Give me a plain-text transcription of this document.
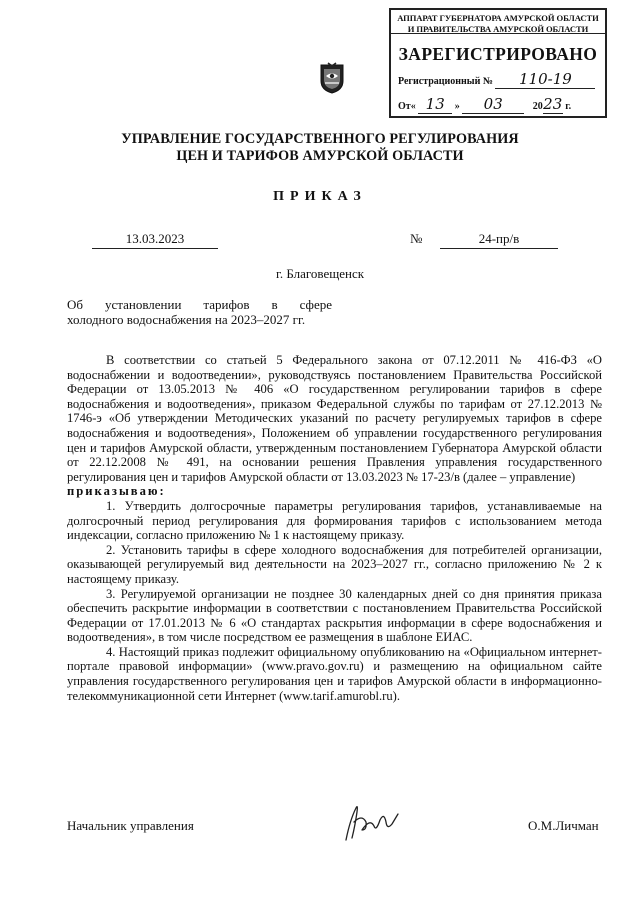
АППАРАТ ГУБЕРНАТОРА АМУРСКОЙ ОБЛАСТИ
И ПРАВИТЕЛЬСТВА АМУРСКОЙ ОБЛАСТИ
ЗАРЕГИСТРИРОВАНО
Регистрационный № 110-19
От« 13 » 03	2023 г.
УПРАВЛЕНИЕ ГОСУДАРСТВЕННОГО РЕГУЛИРОВАНИЯ
ЦЕН И ТАРИФОВ АМУРСКОЙ ОБЛАСТИ
ПРИКАЗ
13.03.2023	№	24-пр/в
г. Благовещенск
Об установлении тарифов в сфере
холодного водоснабжения на 2023–2027 гг.

В соответствии со статьей 5 Федерального закона от 07.12.2011 № 416-ФЗ «О водоснабжении и водоотведении», руководствуясь постановлением Правительства Российской Федерации от 13.05.2013 № 406 «О государственном регулировании тарифов в сфере водоснабжения и водоотведения», приказом Федеральной службы по тарифам от 27.12.2013 № 1746-э «Об утверждении Методических указаний по расчету регулируемых тарифов в сфере водоснабжения и водоотведения», Положением об управлении государственного регулирования цен и тарифов Амурской области, утвержденным постановлением Губернатора Амурской области от 22.12.2008 № 491, на основании решения Правления управления государственного регулирования цен и тарифов Амурской области от 13.03.2023 № 17-23/в (далее – управление)

приказываю:

1. Утвердить долгосрочные параметры регулирования тарифов, устанавливаемые на долгосрочный период регулирования для формирования тарифов с использованием метода индексации, согласно приложению № 1 к настоящему приказу.

2. Установить тарифы в сфере холодного водоснабжения для потребителей организации, оказывающей регулируемый вид деятельности на 2023–2027 гг., согласно приложению № 2 к настоящему приказу.

3. Регулируемой организации не позднее 30 календарных дней со дня принятия приказа обеспечить раскрытие информации в соответствии с постановлением Правительства Российской Федерации от 17.01.2013 № 6 «О стандартах раскрытия информации в сфере водоснабжения и водоотведения», в том числе посредством ее размещения в шаблоне ЕИАС.

4. Настоящий приказ подлежит официальному опубликованию на «Официальном интернет-портале правовой информации» (www.pravo.gov.ru) и размещению на официальном сайте управления государственного регулирования цен и тарифов Амурской области в информационно-телекоммуникационной сети Интернет (www.tarif.amurobl.ru).

Начальник управления	О.М.Личман
